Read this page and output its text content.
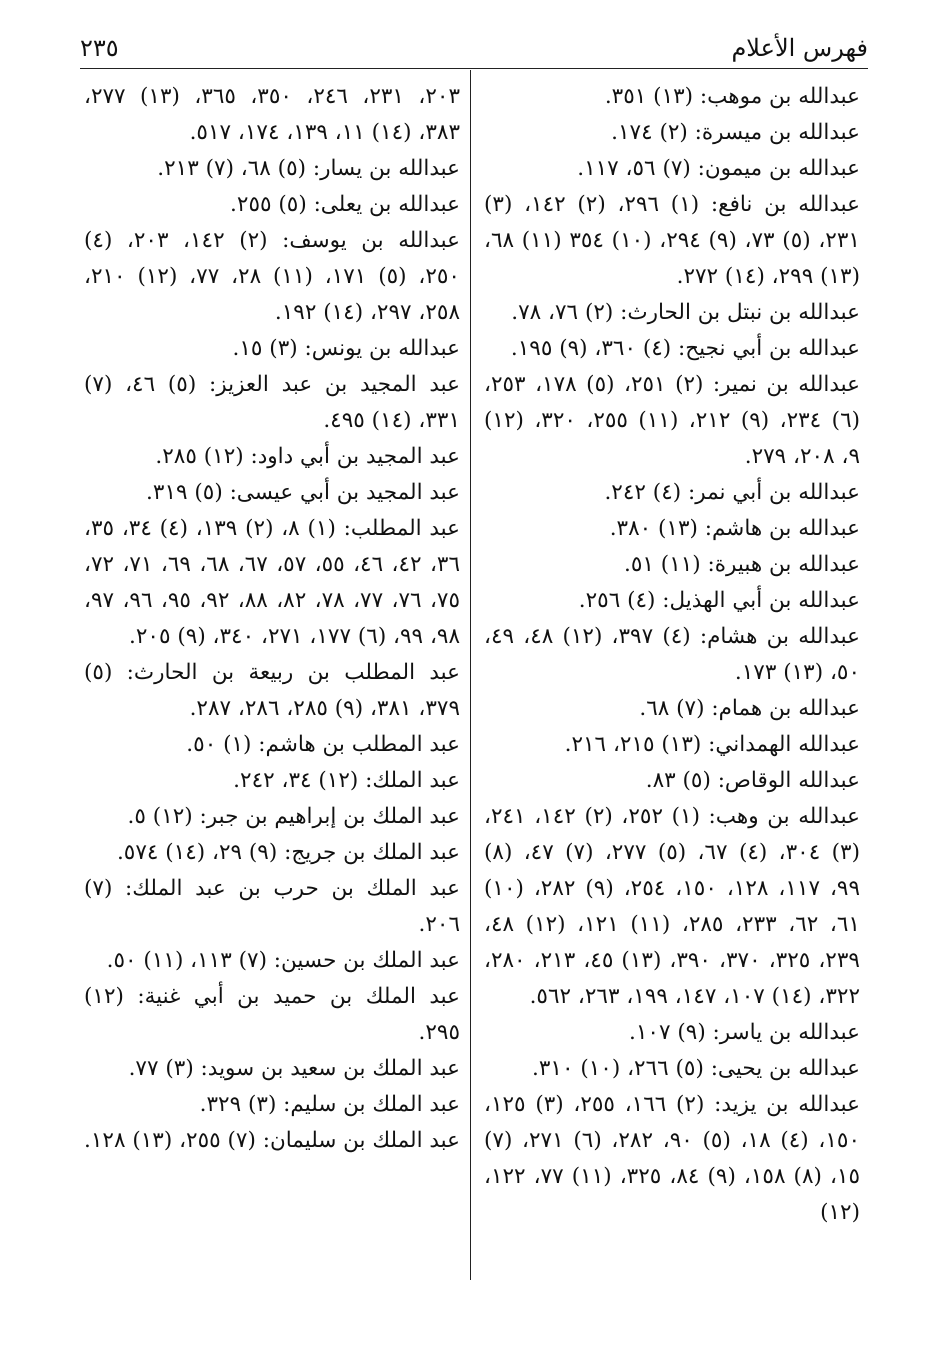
فهرس الأعلام
٢٣٥
عبدالله بن موهب: (١٣) ٣٥١.
عبدالله بن ميسرة: (٢) ١٧٤.
عبدالله بن ميمون: (٧) ٥٦، ١١٧.
عبدالله بن نافع: (١) ٢٩٦، (٢) ١٤٢، (٣) ٢٣١، (٥) ٧٣، (٩) ٢٩٤، (١٠) ٣٥٤ (١١) ٦٨، (١٣) ٢٩٩، (١٤) ٢٧٢.
عبدالله بن نبتل بن الحارث: (٢) ٧٦، ٧٨.
عبدالله بن أبي نجيح: (٤) ٣٦٠، (٩) ١٩٥.
عبدالله بن نمير: (٢) ٢٥١، (٥) ١٧٨، ٢٥٣، (٦) ٢٣٤، (٩) ٢١٢، (١١) ٢٥٥، ٣٢٠، (١٢) ٩، ٢٠٨، ٢٧٩.
عبدالله بن أبي نمر: (٤) ٢٤٢.
عبدالله بن هاشم: (١٣) ٣٨٠.
عبدالله بن هبيرة: (١١) ٥١.
عبدالله بن أبي الهذيل: (٤) ٢٥٦.
عبدالله بن هشام: (٤) ٣٩٧، (١٢) ٤٨، ٤٩، ٥٠، (١٣) ١٧٣.
عبدالله بن همام: (٧) ٦٨.
عبدالله الهمداني: (١٣) ٢١٥، ٢١٦.
عبدالله الوقاص: (٥) ٨٣.
عبدالله بن وهب: (١) ٢٥٢، (٢) ١٤٢، ٢٤١، (٣) ٣٠٤، (٤) ٦٧، (٥) ٢٧٧، (٧) ٤٧، (٨) ٩٩، ١١٧، ١٢٨، ١٥٠، ٢٥٤، (٩) ٢٨٢، (١٠) ٦١، ٦٢، ٢٣٣، ٢٨٥، (١١) ١٢١، (١٢) ٤٨، ٢٣٩، ٣٢٥، ٣٧٠، ٣٩٠، (١٣) ٤٥، ٢١٣، ٢٨٠، ٣٢٢، (١٤) ١٠٧، ١٤٧، ١٩٩، ٢٦٣، ٥٦٢.
عبدالله بن ياسر: (٩) ١٠٧.
عبدالله بن يحيى: (٥) ٢٦٦، (١٠) ٣١٠.
عبدالله بن يزيد: (٢) ١٦٦، ٢٥٥، (٣) ١٢٥، ١٥٠، (٤) ١٨، (٥) ٩٠، ٢٨٢، (٦) ٢٧١، (٧) ١٥، (٨) ١٥٨، (٩) ٨٤، ٣٢٥، (١١) ٧٧، ١٢٢، (١٢)
٢٠٣، ٢٣١، ٢٤٦، ٣٥٠، ٣٦٥، (١٣) ٢٧٧، ٣٨٣، (١٤) ١١، ١٣٩، ١٧٤، ٥١٧.
عبدالله بن يسار: (٥) ٦٨، (٧) ٢١٣.
عبدالله بن يعلى: (٥) ٢٥٥.
عبدالله بن يوسف: (٢) ١٤٢، ٢٠٣، (٤) ٢٥٠، (٥) ١٧١، (١١) ٢٨، ٧٧، (١٢) ٢١٠، ٢٥٨، ٢٩٧، (١٤) ١٩٢.
عبدالله بن يونس: (٣) ١٥.
عبد المجيد بن عبد العزيز: (٥) ٤٦، (٧) ٣٣١، (١٤) ٤٩٥.
عبد المجيد بن أبي داود: (١٢) ٢٨٥.
عبد المجيد بن أبي عيسى: (٥) ٣١٩.
عبد المطلب: (١) ٨، (٢) ١٣٩، (٤) ٣٤، ٣٥، ٣٦، ٤٢، ٤٦، ٥٥، ٥٧، ٦٧، ٦٨، ٦٩، ٧١، ٧٢، ٧٥، ٧٦، ٧٧، ٧٨، ٨٢، ٨٨، ٩٢، ٩٥، ٩٦، ٩٧، ٩٨، ٩٩، (٦) ١٧٧، ٢٧١، ٣٤٠، (٩) ٢٠٥.
عبد المطلب بن ربيعة بن الحارث: (٥) ٣٧٩، ٣٨١، (٩) ٢٨٥، ٢٨٦، ٢٨٧.
عبد المطلب بن هاشم: (١) ٥٠.
عبد الملك: (١٢) ٣٤، ٢٤٢.
عبد الملك بن إبراهيم بن جبر: (١٢) ٥.
عبد الملك بن جريج: (٩) ٢٩، (١٤) ٥٧٤.
عبد الملك بن حرب بن عبد الملك: (٧) ٢٠٦.
عبد الملك بن حسين: (٧) ١١٣، (١١) ٥٠.
عبد الملك بن حميد بن أبي غنية: (١٢) ٢٩٥.
عبد الملك بن سعيد بن سويد: (٣) ٧٧.
عبد الملك بن سليم: (٣) ٣٢٩.
عبد الملك بن سليمان: (٧) ٢٥٥، (١٣) ١٢٨.
